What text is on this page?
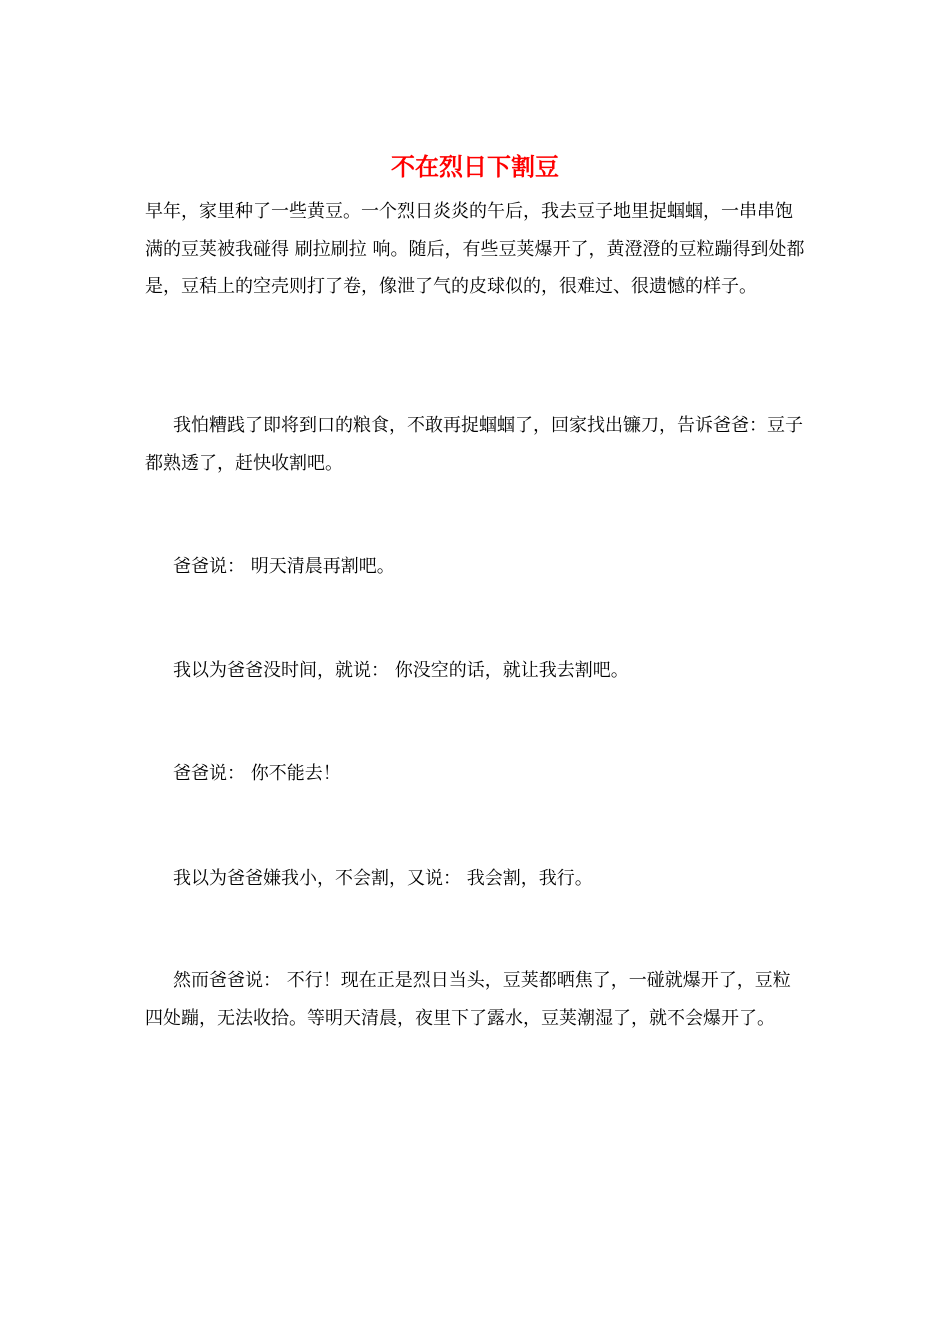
不在烈日下割豆

早年，家里种了一些黄豆。一个烈日炎炎的午后，我去豆子地里捉蝈蝈，一串串饱满的豆荚被我碰得 刷拉刷拉 响。随后，有些豆荚爆开了，黄澄澄的豆粒蹦得到处都是，豆秸上的空壳则打了卷，像泄了气的皮球似的，很难过、很遗憾的样子。

我怕糟践了即将到口的粮食，不敢再捉蝈蝈了，回家找出镰刀，告诉爸爸：豆子都熟透了，赶快收割吧。

爸爸说： 明天清晨再割吧。

我以为爸爸没时间，就说： 你没空的话，就让我去割吧。

爸爸说： 你不能去！

我以为爸爸嫌我小，不会割，又说： 我会割，我行。

然而爸爸说： 不行！现在正是烈日当头，豆荚都晒焦了，一碰就爆开了，豆粒四处蹦，无法收拾。等明天清晨，夜里下了露水，豆荚潮湿了，就不会爆开了。
